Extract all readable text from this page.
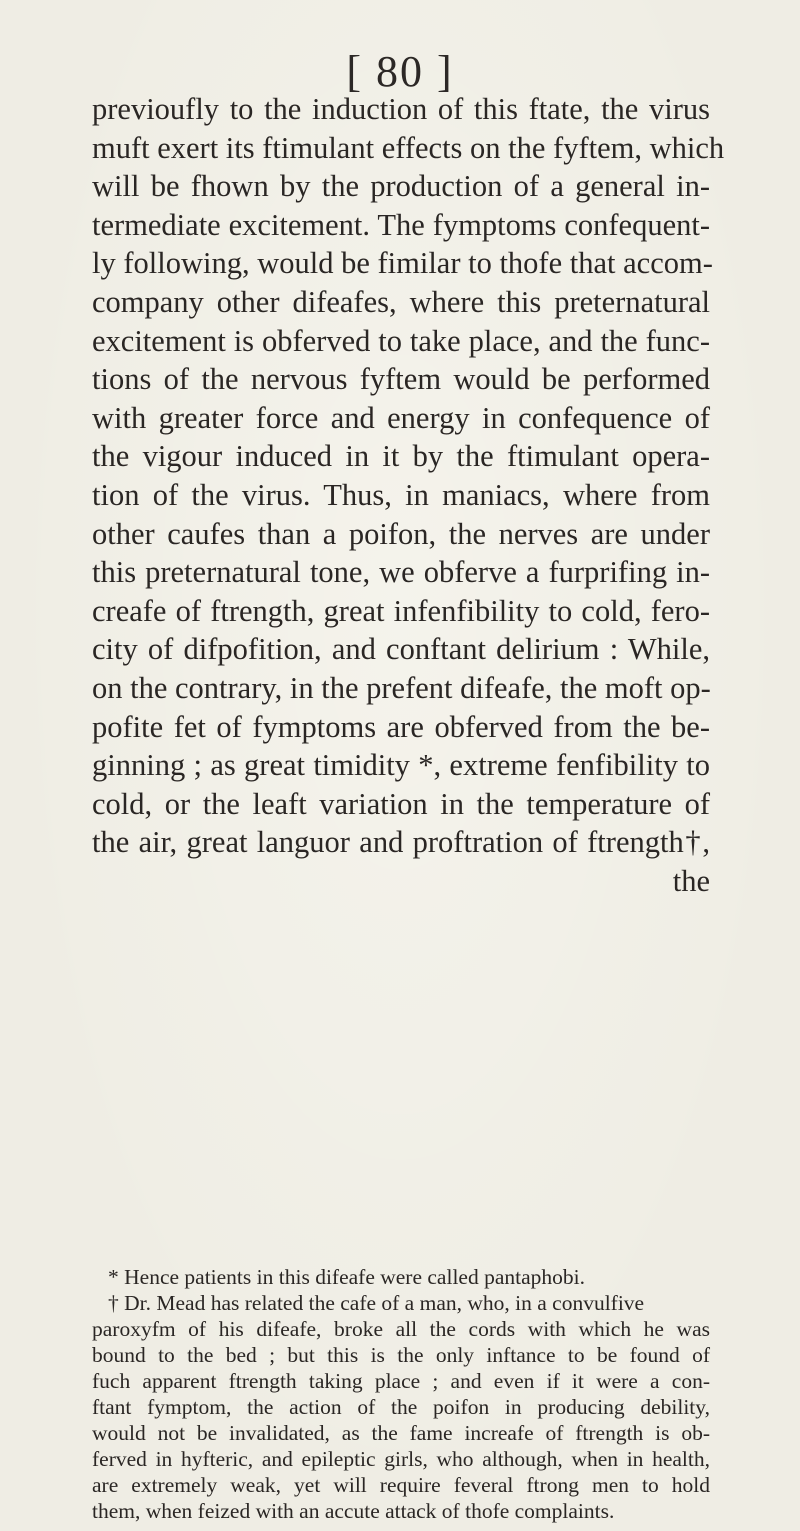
[ 80 ]
previoufly to the induction of this ftate, the virus
muft exert its ftimulant effects on the fyftem, which
will be fhown by the production of a general in-
termediate excitement. The fymptoms confequent-
ly following, would be fimilar to thofe that accom-
company other difeafes, where this preternatural
excitement is obferved to take place, and the func-
tions of the nervous fyftem would be performed
with greater force and energy in confequence of
the vigour induced in it by the ftimulant opera-
tion of the virus. Thus, in maniacs, where from
other caufes than a poifon, the nerves are under
this preternatural tone, we obferve a furprifing in-
creafe of ftrength, great infenfibility to cold, fero-
city of difpofition, and conftant delirium : While,
on the contrary, in the prefent difeafe, the moft op-
pofite fet of fymptoms are obferved from the be-
ginning ; as great timidity *, extreme fenfibility to
cold, or the leaft variation in the temperature of
the air, great languor and proftration of ftrength†,
the
* Hence patients in this difeafe were called pantaphobi.
† Dr. Mead has related the cafe of a man, who, in a convulfive
paroxyfm of his difeafe, broke all the cords with which he was
bound to the bed ; but this is the only inftance to be found of
fuch apparent ftrength taking place ; and even if it were a con-
ftant fymptom, the action of the poifon in producing debility,
would not be invalidated, as the fame increafe of ftrength is ob-
ferved in hyfteric, and epileptic girls, who although, when in health,
are extremely weak, yet will require feveral ftrong men to hold
them, when feized with an accute attack of thofe complaints.
